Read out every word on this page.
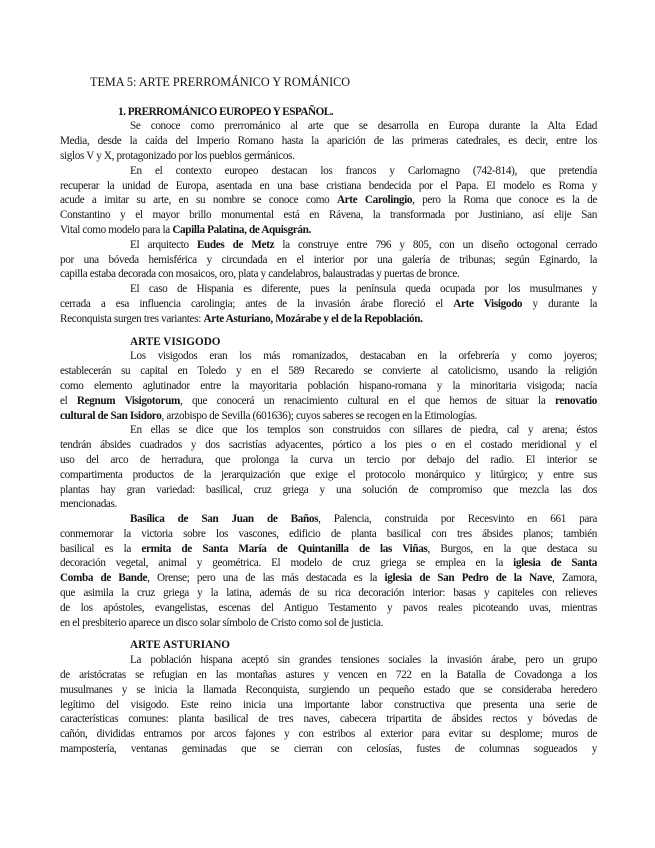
TEMA 5: ARTE PRERROMÁNICO Y ROMÁNICO
1. PRERROMÁNICO EUROPEO Y ESPAÑOL.
Se conoce como prerrománico al arte que se desarrolla en Europa durante la Alta Edad
Media, desde la caída del Imperio Romano hasta la aparición de las primeras catedrales, es decir, entre los
siglos V y X, protagonizado por los pueblos germánicos.
En el contexto europeo destacan los francos y Carlomagno (742-814), que pretendía
recuperar la unidad de Europa, asentada en una base cristiana bendecida por el Papa. El modelo es Roma y
acude a imitar su arte, en su nombre se conoce como Arte Carolingio, pero la Roma que conoce es la de
Constantino y el mayor brillo monumental está en Rávena, la transformada por Justiniano, así elije San
Vital como modelo para la Capilla Palatina, de Aquisgrán.
El arquitecto Eudes de Metz la construye entre 796 y 805, con un diseño octogonal cerrado
por una bóveda hemisférica y circundada en el interior por una galería de tribunas; según Eginardo, la
capilla estaba decorada con mosaicos, oro, plata y candelabros, balaustradas y puertas de bronce.
El caso de Hispania es diferente, pues la península queda ocupada por los musulmanes y
cerrada a esa influencia carolingia; antes de la invasión árabe floreció el Arte Visigodo y durante la
Reconquista surgen tres variantes: Arte Asturiano, Mozárabe y el de la Repoblación.
ARTE VISIGODO
Los visigodos eran los más romanizados, destacaban en la orfebrería y como joyeros;
establecerán su capital en Toledo y en el 589 Recaredo se convierte al catolicismo, usando la religión
como elemento aglutinador entre la mayoritaria población hispano-romana y la minoritaria visigoda; nacía
el Regnum Visigotorum, que conocerá un renacimiento cultural en el que hemos de situar la renovatio
cultural de San Isidoro, arzobispo de Sevilla (601636); cuyos saberes se recogen en la Etimologías.
En ellas se dice que los templos son construidos con sillares de piedra, cal y arena; éstos
tendrán ábsides cuadrados y dos sacristías adyacentes, pórtico a los pies o en el costado meridional y el
uso del arco de herradura, que prolonga la curva un tercio por debajo del radio. El interior se
compartimenta productos de la jerarquización que exige el protocolo monárquico y litúrgico; y entre sus
plantas hay gran variedad: basilical, cruz griega y una solución de compromiso que mezcla las dos
mencionadas.
Basílica de San Juan de Baños, Palencia, construida por Recesvinto en 661 para
conmemorar la victoria sobre los vascones, edificio de planta basilical con tres ábsides planos; también
basilical es la ermita de Santa María de Quintanilla de las Viñas, Burgos, en la que destaca su
decoración vegetal, animal y geométrica. El modelo de cruz griega se emplea en la iglesia de Santa
Comba de Bande, Orense; pero una de las más destacada es la iglesia de San Pedro de la Nave, Zamora,
que asimila la cruz griega y la latina, además de su rica decoración interior: basas y capiteles con relieves
de los apóstoles, evangelistas, escenas del Antiguo Testamento y pavos reales picoteando uvas, mientras
en el presbiterio aparece un disco solar símbolo de Cristo como sol de justicia.
ARTE ASTURIANO
La población hispana aceptó sin grandes tensiones sociales la invasión árabe, pero un grupo
de aristócratas se refugian en las montañas astures y vencen en 722 en la Batalla de Covadonga a los
musulmanes y se inicia la llamada Reconquista, surgiendo un pequeño estado que se consideraba heredero
legítimo del visigodo. Este reino inicia una importante labor constructiva que presenta una serie de
características comunes: planta basilical de tres naves, cabecera tripartita de ábsides rectos y bóvedas de
cañón, divididas entramos por arcos fajones y con estribos al exterior para evitar su desplome; muros de
mampostería, ventanas geminadas que se cierran con celosías, fustes de columnas sogueados y
